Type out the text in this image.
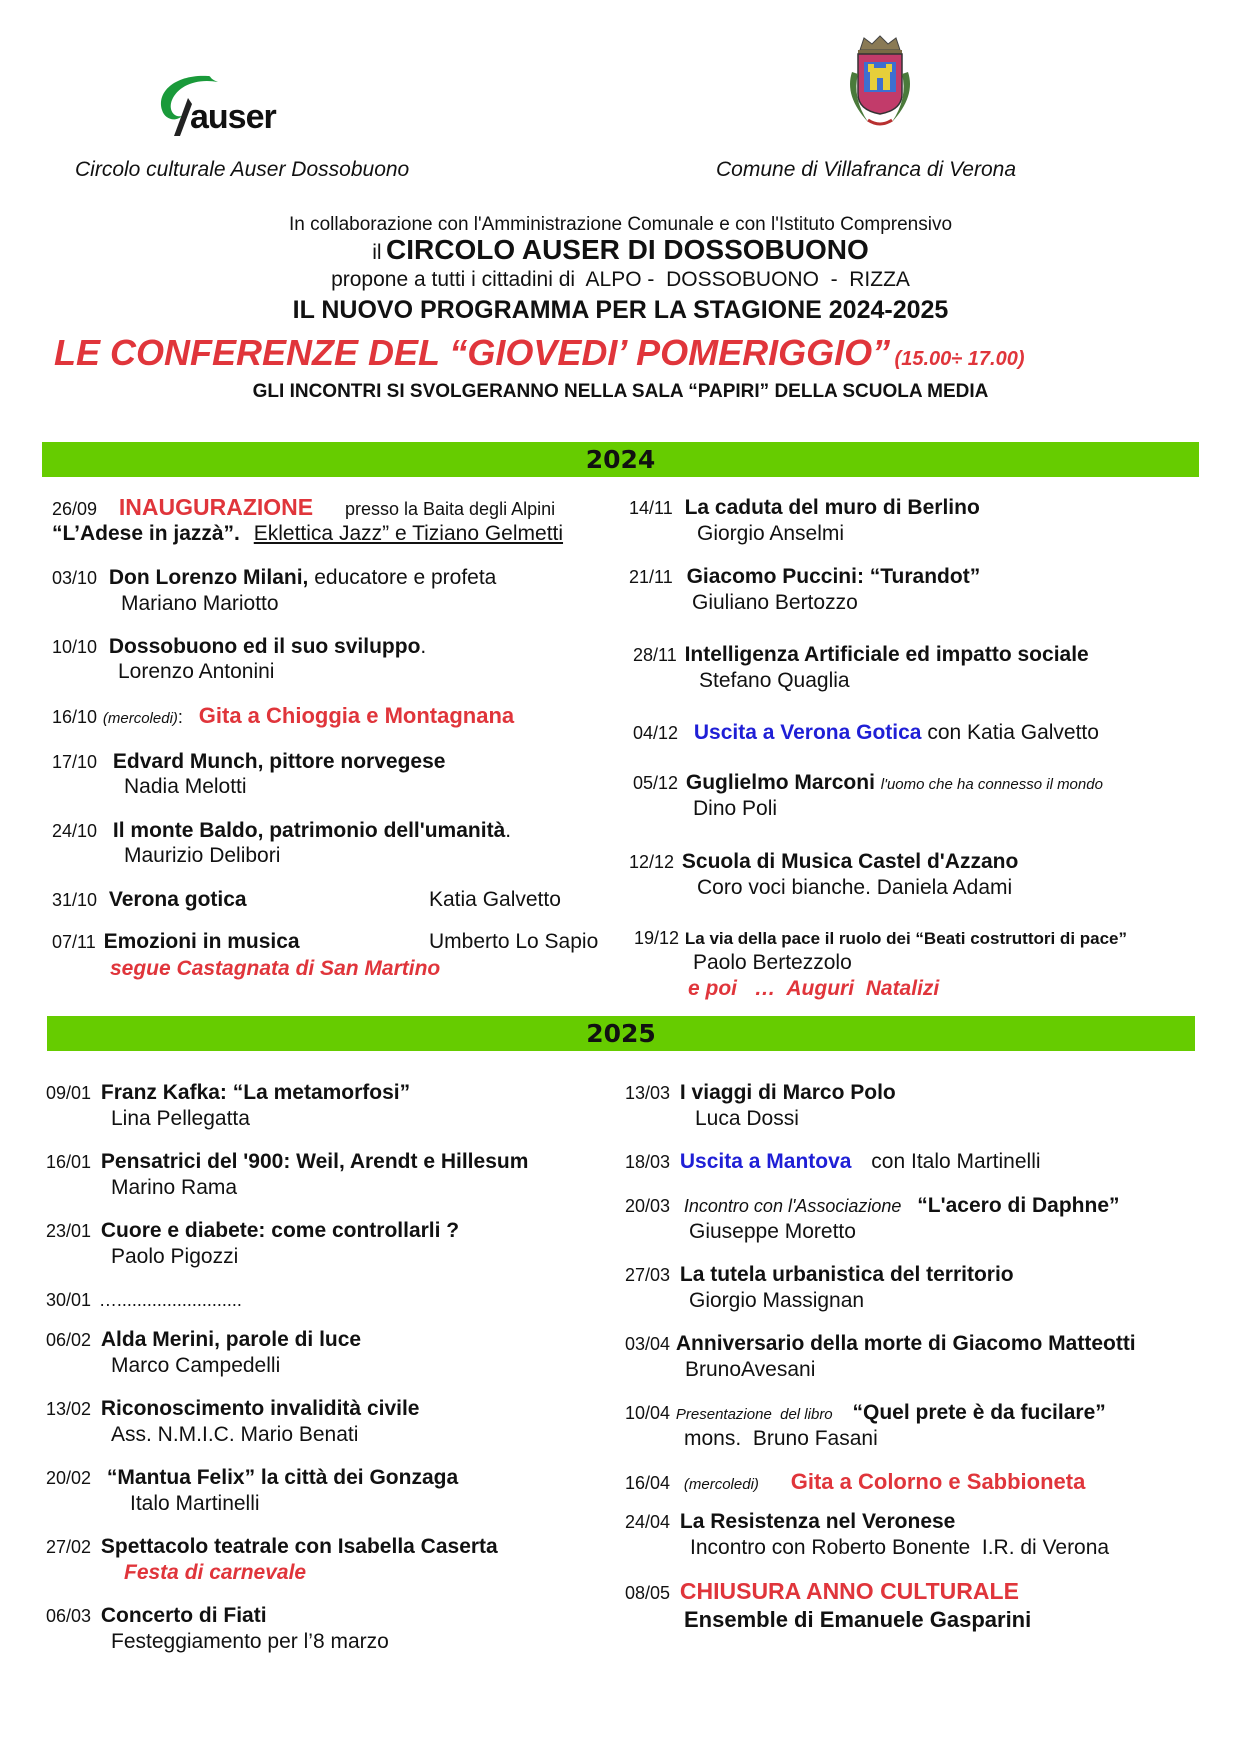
auser
Circolo culturale Auser Dossobuono	Comune di Villafranca di Verona
In collaborazione con l'Amministrazione Comunale e con l'Istituto Comprensivo
il CIRCOLO AUSER DI DOSSOBUONO
propone a tutti i cittadini di  ALPO -  DOSSOBUONO  -  RIZZA
IL NUOVO PROGRAMMA PER LA STAGIONE 2024-2025
LE CONFERENZE DEL “GIOVEDI’ POMERIGGIO” (15.00÷ 17.00)
GLI INCONTRI SI SVOLGERANNO NELLA SALA “PAPIRI” DELLA SCUOLA MEDIA
2024
26/09 INAUGURAZIONE presso la Baita degli Alpini
“L’Adese in jazzà”. Eklettica Jazz” e Tiziano Gelmetti
03/10 Don Lorenzo Milani, educatore e profeta
Mariano Mariotto
10/10 Dossobuono ed il suo sviluppo.
Lorenzo Antonini
16/10 (mercoledi): Gita a Chioggia e Montagnana
17/10 Edvard Munch, pittore norvegese
Nadia Melotti
24/10 Il monte Baldo, patrimonio dell'umanità.
Maurizio Delibori
31/10 Verona gotica	Katia Galvetto
07/11 Emozioni in musica	Umberto Lo Sapio
segue Castagnata di San Martino
14/11 La caduta del muro di Berlino
Giorgio Anselmi
21/11 Giacomo Puccini: “Turandot”
Giuliano Bertozzo
28/11 Intelligenza Artificiale ed impatto sociale
Stefano Quaglia
04/12 Uscita a Verona Gotica con Katia Galvetto
05/12 Guglielmo Marconi l'uomo che ha connesso il mondo
Dino Poli
12/12 Scuola di Musica Castel d'Azzano
Coro voci bianche. Daniela Adami
19/12 La via della pace il ruolo dei “Beati costruttori di pace”
Paolo Bertezzolo
e poi   …  Auguri  Natalizi
2025
09/01 Franz Kafka: “La metamorfosi”
Lina Pellegatta
16/01 Pensatrici del '900: Weil, Arendt e Hillesum
Marino Rama
23/01 Cuore e diabete: come controllarli ?
Paolo Pigozzi
30/01 ….........................
06/02 Alda Merini, parole di luce
Marco Campedelli
13/02 Riconoscimento invalidità civile
Ass. N.M.I.C. Mario Benati
20/02 “Mantua Felix” la città dei Gonzaga
Italo Martinelli
27/02 Spettacolo teatrale con Isabella Caserta
Festa di carnevale
06/03 Concerto di Fiati
Festeggiamento per l’8 marzo
13/03 I viaggi di Marco Polo
Luca Dossi
18/03 Uscita a Mantova con Italo Martinelli
20/03 Incontro con l'Associazione “L'acero di Daphne”
Giuseppe Moretto
27/03 La tutela urbanistica del territorio
Giorgio Massignan
03/04 Anniversario della morte di Giacomo Matteotti
BrunoAvesani
10/04 Presentazione  del libro “Quel prete è da fucilare”
mons.  Bruno Fasani
16/04 (mercoledi) Gita a Colorno e Sabbioneta
24/04 La Resistenza nel Veronese
Incontro con Roberto Bonente  I.R. di Verona
08/05 CHIUSURA ANNO CULTURALE
Ensemble di Emanuele Gasparini
